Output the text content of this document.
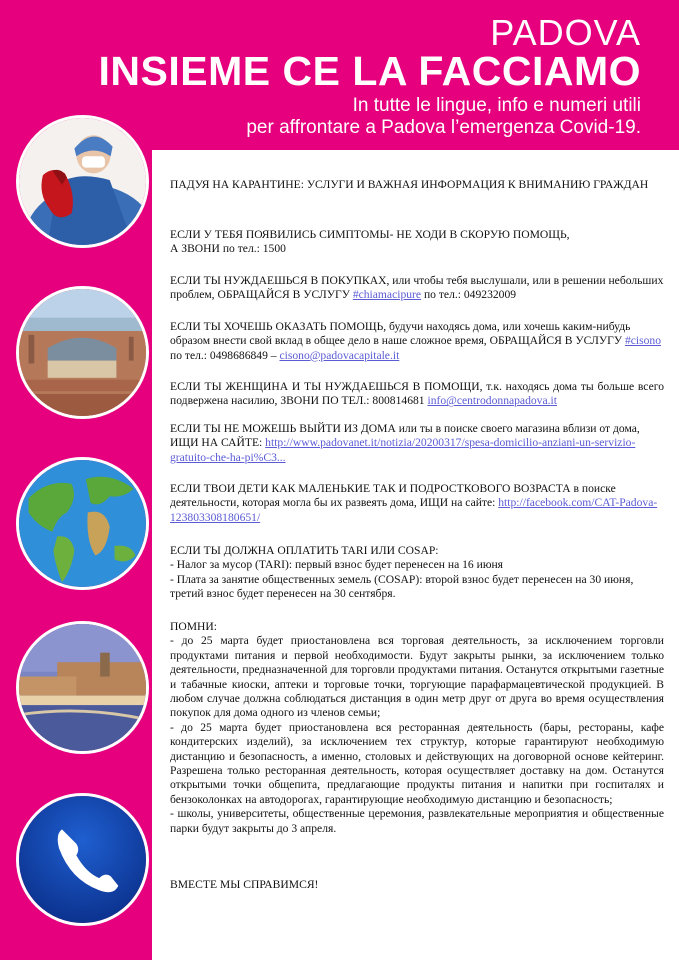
PADOVA
INSIEME CE LA FACCIAMO
In tutte le lingue, info e numeri utili
per affrontare a Padova l’emergenza Covid-19.

ПАДУЯ НА КАРАНТИНЕ: УСЛУГИ И ВАЖНАЯ ИНФОРМАЦИЯ К ВНИМАНИЮ ГРАЖДАН

ЕСЛИ У ТЕБЯ ПОЯВИЛИСЬ СИМПТОМЫ- НЕ ХОДИ В СКОРУЮ ПОМОЩЬ,

А ЗВОНИ по тел.: 1500

ЕСЛИ ТЫ НУЖДАЕШЬСЯ В ПОКУПКАХ, или чтобы тебя выслушали, или в решении небольших проблем, ОБРАЩАЙСЯ В УСЛУГУ #chiamacipure по тел.: 049232009

ЕСЛИ ТЫ ХОЧЕШЬ ОКАЗАТЬ ПОМОЩЬ, будучи находясь дома, или хочешь каким-нибудь образом внести свой вклад в общее дело в наше сложное время, ОБРАЩАЙСЯ В УСЛУГУ #cisono по тел.: 0498686849 – cisono@padovacapitale.it

ЕСЛИ ТЫ ЖЕНЩИНА И ТЫ НУЖДАЕШЬСЯ В ПОМОЩИ, т.к. находясь дома ты больше всего подвержена насилию, ЗВОНИ ПО ТЕЛ.: 800814681 info@centrodonnapadova.it

ЕСЛИ ТЫ НЕ МОЖЕШЬ ВЫЙТИ ИЗ ДОМА или ты в поиске своего магазина вблизи от дома, ИЩИ НА САЙТЕ: http://www.padovanet.it/notizia/20200317/spesa-domicilio-anziani-un-servizio-gratuito-che-ha-pi%C3...

ЕСЛИ ТВОИ ДЕТИ КАК МАЛЕНЬКИЕ ТАК И ПОДРОСТКОВОГО ВОЗРАСТА в поиске деятельности, которая могла бы их развеять дома, ИЩИ на сайте: http://facebook.com/CAT-Padova-123803308180651/

ЕСЛИ ТЫ ДОЛЖНА ОПЛАТИТЬ TARI ИЛИ COSAP:

- Налог за мусор (TARI): первый взнос будет перенесен на 16 июня

- Плата за занятие общественных земель (COSAP): второй взнос будет перенесен на 30 июня, третий взнос будет перенесен на 30 сентября.

ПОМНИ:

- до 25 марта будет приостановлена вся торговая деятельность, за исключением торговли продуктами питания и первой необходимости. Будут закрыты рынки, за исключением только деятельности, предназначенной для торговли продуктами питания. Останутся открытыми газетные и табачные киоски, аптеки и торговые точки, торгующие парафармацевтической продукцией. В любом случае должна соблюдаться дистанция в один метр друг от друга во время осуществления покупок для дома одного из членов семьи;

- до 25 марта будет приостановлена вся ресторанная деятельность (бары, рестораны, кафе кондитерских изделий), за исключением тех структур, которые гарантируют необходимую дистанцию и безопасность, а именно, столовых и действующих на договорной основе кейтеринг. Разрешена только ресторанная деятельность, которая осуществляет доставку на дом. Останутся открытыми точки общепита, предлагающие продукты питания и напитки при госпиталях и бензоколонках на автодорогах, гарантирующие необходимую дистанцию и безопасность;

- школы, университеты, общественные церемония, развлекательные мероприятия и общественные парки будут закрыты до 3 апреля.

ВМЕСТЕ МЫ СПРАВИМСЯ!
